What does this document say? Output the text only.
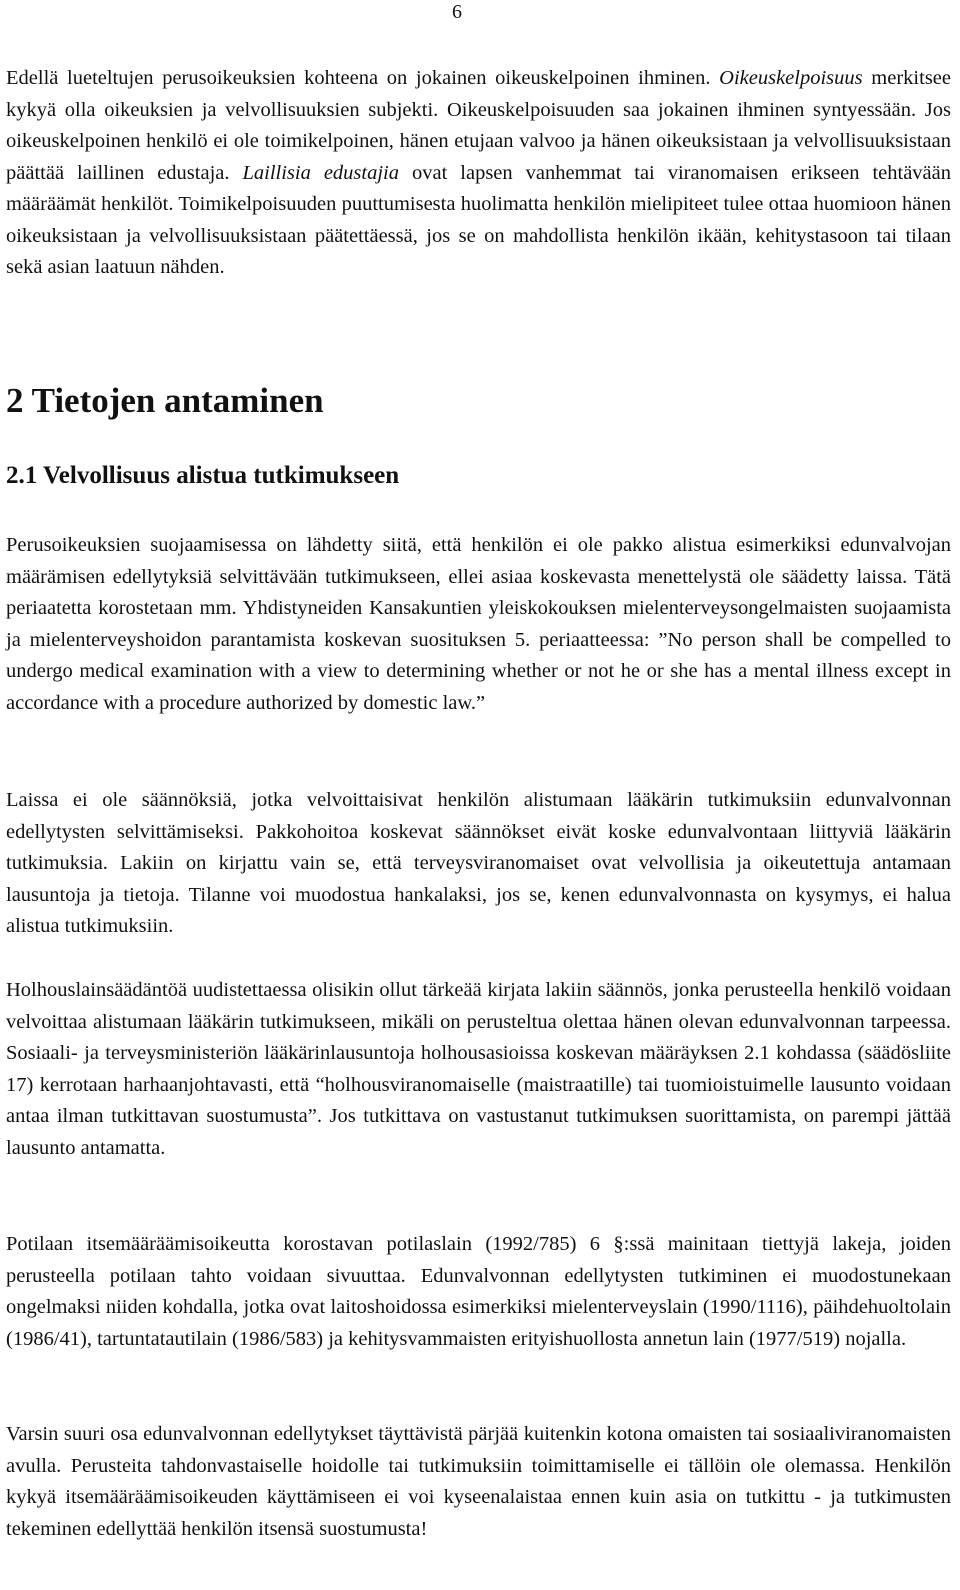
6

Edellä lueteltujen perusoikeuksien kohteena on jokainen oikeuskelpoinen ihminen. Oikeuskelpoisuus merkitsee kykyä olla oikeuksien ja velvollisuuksien subjekti. Oikeuskelpoisuuden saa jokainen ihminen syntyessään. Jos oikeuskelpoinen henkilö ei ole toimikelpoinen, hänen etujaan valvoo ja hänen oikeuksistaan ja velvollisuuksistaan päättää laillinen edustaja. Laillisia edustajia ovat lapsen vanhemmat tai viranomaisen erikseen tehtävään määräämät henkilöt. Toimikelpoisuuden puuttumisesta huolimatta henkilön mielipiteet tulee ottaa huomioon hänen oikeuksistaan ja velvollisuuksistaan päätettäessä, jos se on mahdollista henkilön ikään, kehitystasoon tai tilaan sekä asian laatuun nähden.

2 Tietojen antaminen
2.1 Velvollisuus alistua tutkimukseen

Perusoikeuksien suojaamisessa on lähdetty siitä, että henkilön ei ole pakko alistua esimerkiksi edunvalvojan määrämisen edellytyksiä selvittävään tutkimukseen, ellei asiaa koskevasta menettelystä ole säädetty laissa. Tätä periaatetta korostetaan mm. Yhdistyneiden Kansakuntien yleiskokouksen mielenterveysongelmaisten suojaamista ja mielenterveyshoidon parantamista koskevan suosituksen 5. periaatteessa: ”No person shall be compelled to undergo medical examination with a view to determining whether or not he or she has a mental illness except in accordance with a procedure authorized by domestic law.”

Laissa ei ole säännöksiä, jotka velvoittaisivat henkilön alistumaan lääkärin tutkimuksiin edunvalvonnan edellytysten selvittämiseksi. Pakkohoitoa koskevat säännökset eivät koske edunvalvontaan liittyviä lääkärin tutkimuksia. Lakiin on kirjattu vain se, että terveysviranomaiset ovat velvollisia ja oikeutettuja antamaan lausuntoja ja tietoja. Tilanne voi muodostua hankalaksi, jos se, kenen edunvalvonnasta on kysymys, ei halua alistua tutkimuksiin.

Holhouslainsäädäntöä uudistettaessa olisikin ollut tärkeää kirjata lakiin säännös, jonka perusteella henkilö voidaan velvoittaa alistumaan lääkärin tutkimukseen, mikäli on perusteltua olettaa hänen olevan edunvalvonnan tarpeessa. Sosiaali- ja terveysministeriön lääkärinlausuntoja holhousasioissa koskevan määräyksen 2.1 kohdassa (säädösliite 17) kerrotaan harhaanjohtavasti, että “holhousviranomaiselle (maistraatille) tai tuomioistuimelle lausunto voidaan antaa ilman tutkittavan suostumusta”. Jos tutkittava on vastustanut tutkimuksen suorittamista, on parempi jättää lausunto antamatta.

Potilaan itsemääräämisoikeutta korostavan potilaslain (1992/785) 6 §:ssä mainitaan tiettyjä lakeja, joiden perusteella potilaan tahto voidaan sivuuttaa. Edunvalvonnan edellytysten tutkiminen ei muodostunekaan ongelmaksi niiden kohdalla, jotka ovat laitoshoidossa esimerkiksi mielenterveyslain (1990/1116), päihdehuoltolain (1986/41), tartuntatautilain (1986/583) ja kehitysvammaisten erityishuollosta annetun lain (1977/519) nojalla.

Varsin suuri osa edunvalvonnan edellytykset täyttävistä pärjää kuitenkin kotona omaisten tai sosiaaliviranomaisten avulla. Perusteita tahdonvastaiselle hoidolle tai tutkimuksiin toimittamiselle ei tällöin ole olemassa. Henkilön kykyä itsemääräämisoikeuden käyttämiseen ei voi kyseenalaistaa ennen kuin asia on tutkittu - ja tutkimusten tekeminen edellyttää henkilön itsensä suostumusta!
